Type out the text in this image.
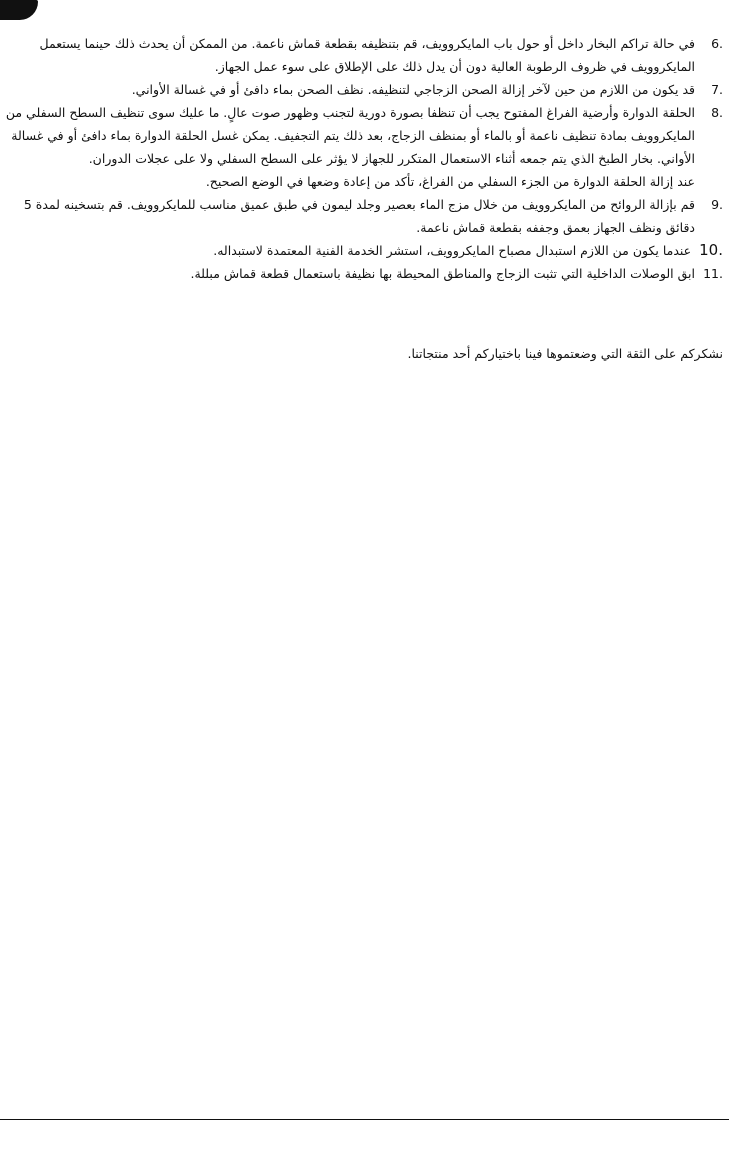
6.
في حالة تراكم البخار داخل أو حول باب المايكروويف، قم بتنظيفه بقطعة قماش ناعمة. من الممكن أن يحدث ذلك حينما يستعمل المايكروويف في ظروف الرطوبة العالية دون أن يدل ذلك على الإطلاق على سوء عمل الجهاز.
7.
قد يكون من اللازم من حين لآخر إزالة الصحن الزجاجي لتنظيفه. نظف الصحن بماء دافئ أو في غسالة الأواني.
8.
الحلقة الدوارة وأرضية الفراغ المفتوح يجب أن تنظفا بصورة دورية لتجنب وظهور صوت عالٍ. ما عليك سوى تنظيف السطح السفلي من المايكروويف بمادة تنظيف ناعمة أو بالماء أو بمنظف الزجاج، بعد ذلك يتم التجفيف. يمكن غسل الحلقة الدوارة بماء دافئ أو في غسالة الأواني. بخار الطبخ الذي يتم جمعه أثناء الاستعمال المتكرر للجهاز لا يؤثر على السطح السفلي ولا على عجلات الدوران.
عند إزالة الحلقة الدوارة من الجزء السفلي من الفراغ، تأكد من إعادة وضعها في الوضع الصحيح.
9.
قم بإزالة الروائح من المايكروويف من خلال مزج الماء بعصير وجلد ليمون في طبق عميق مناسب للمايكروويف. قم بتسخينه لمدة 5 دقائق ونظف الجهاز بعمق وجففه بقطعة قماش ناعمة.
10.
عندما يكون من اللازم استبدال مصباح المايكروويف، استشر الخدمة الفنية المعتمدة لاستبداله.
11.
ابق الوصلات الداخلية التي تثبت الزجاج والمناطق المحيطة بها نظيفة باستعمال قطعة قماش مبللة.
نشكركم على الثقة التي وضعتموها فينا باختياركم أحد منتجاتنا.
